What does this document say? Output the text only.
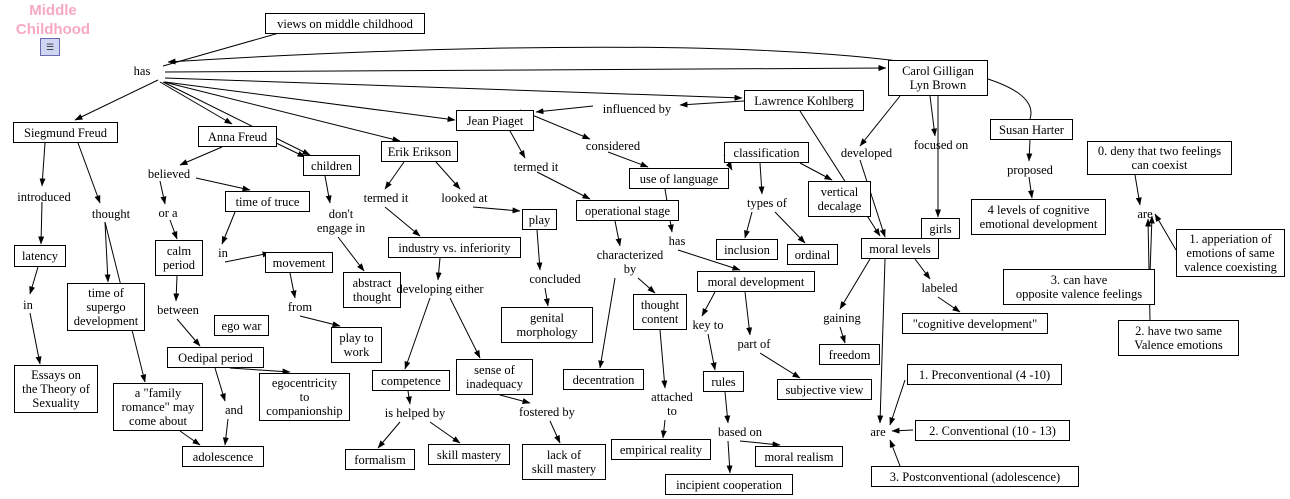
Middle
Childhood
☰
views on middle childhood
Carol Gilligan
Lyn Brown
Lawrence Kohlberg
Jean Piaget
Susan Harter
Siegmund Freud	Anna Freud
Erik Erikson
children
classification	0. deny that two feelings
can coexist
use of language
vertical
decalage
time of truce
girls
4 levels of cognitive
emotional development
play
operational stage
latency	calm
period	movement
abstract
thought
industry vs. inferiority	inclusion	ordinal	moral levels
1. apperiation of
emotions of same
valence coexisting
3. can have
opposite valence feelings
time of
supergo
development	ego war
moral development
thought
content
genital
morphology	2. have two same
Valence emotions
"cognitive development"
freedom
Oedipal period
play to
work
egocentricity
to
companionship
competence
sense of
inadequacy	decentration	rules
subjective view
1. Preconventional (4 -10)
Essays on
the Theory of
Sexuality
a "family
romance" may
come about
2. Conventional (10 - 13)
adolescence	formalism	skill mastery	lack of
skill mastery
empirical reality	moral realism
3. Postconventional (adolescence)
incipient cooperation
has
influenced by
considered	developed
focused on
proposed
are
believed	termed it
introduced
thought	or a
termed it	looked at
don't
engage in
types of
in
has
characterized
by
concluded
from
between
developing either	labeled
gaining
key to
part of
in
and	is helped by	fostered by
attached
to
based on	are
